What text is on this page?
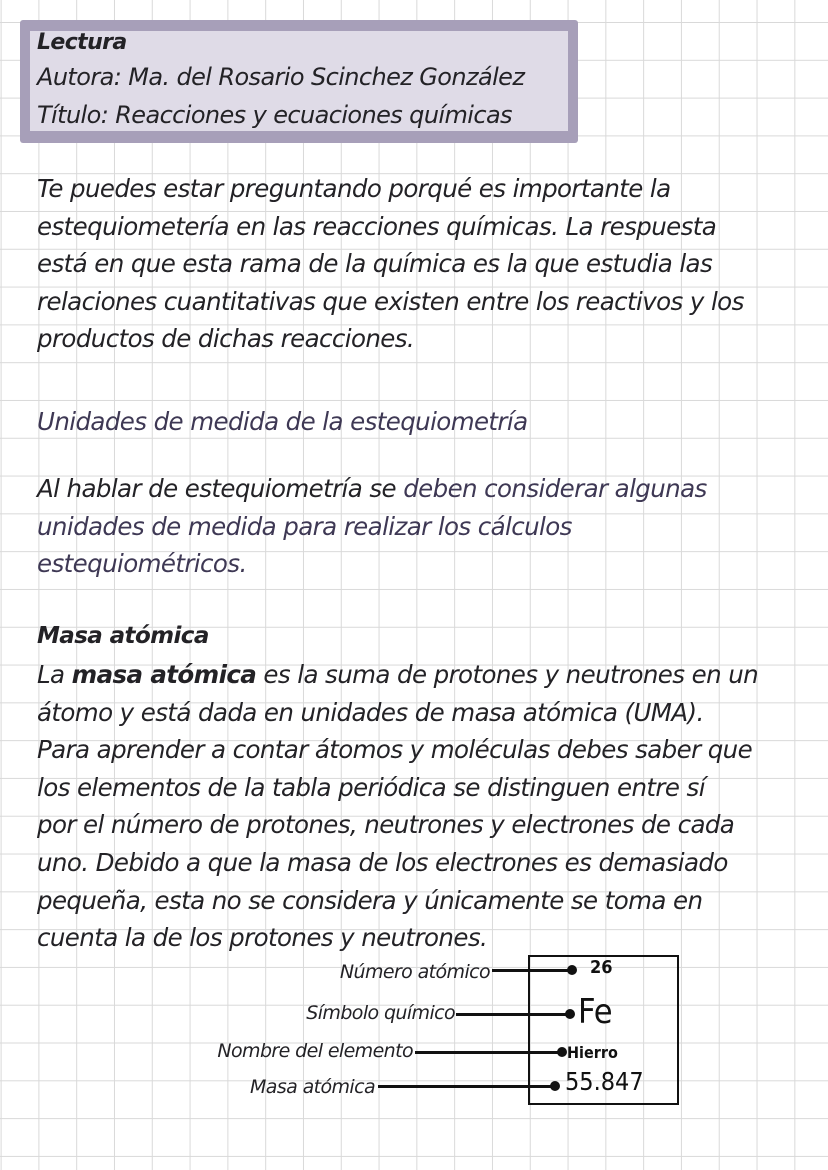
Lectura
Autora: Ma. del Rosario Scinchez González
Título: Reacciones y ecuaciones químicas
Te puedes estar preguntando porqué es importante la
estequiometería en las reacciones químicas. La respuesta
está en que esta rama de la química es la que estudia las
relaciones cuantitativas que existen entre los reactivos y los
productos de dichas reacciones.
Unidades de medida de la estequiometría
Al hablar de estequiometría se deben considerar algunas
unidades de medida para realizar los cálculos
estequiométricos.
Masa atómica
La masa atómica es la suma de protones y neutrones en un
átomo y está dada en unidades de masa atómica (UMA).
Para aprender a contar átomos y moléculas debes saber que
los elementos de la tabla periódica se distinguen entre sí
por el número de protones, neutrones y electrones de cada
uno. Debido a que la masa de los electrones es demasiado
pequeña, esta no se considera y únicamente se toma en
cuenta la de los protones y neutrones.
Número atómico	26
Símbolo químico	Fe
Nombre del elemento	Hierro
Masa atómica	55.847
